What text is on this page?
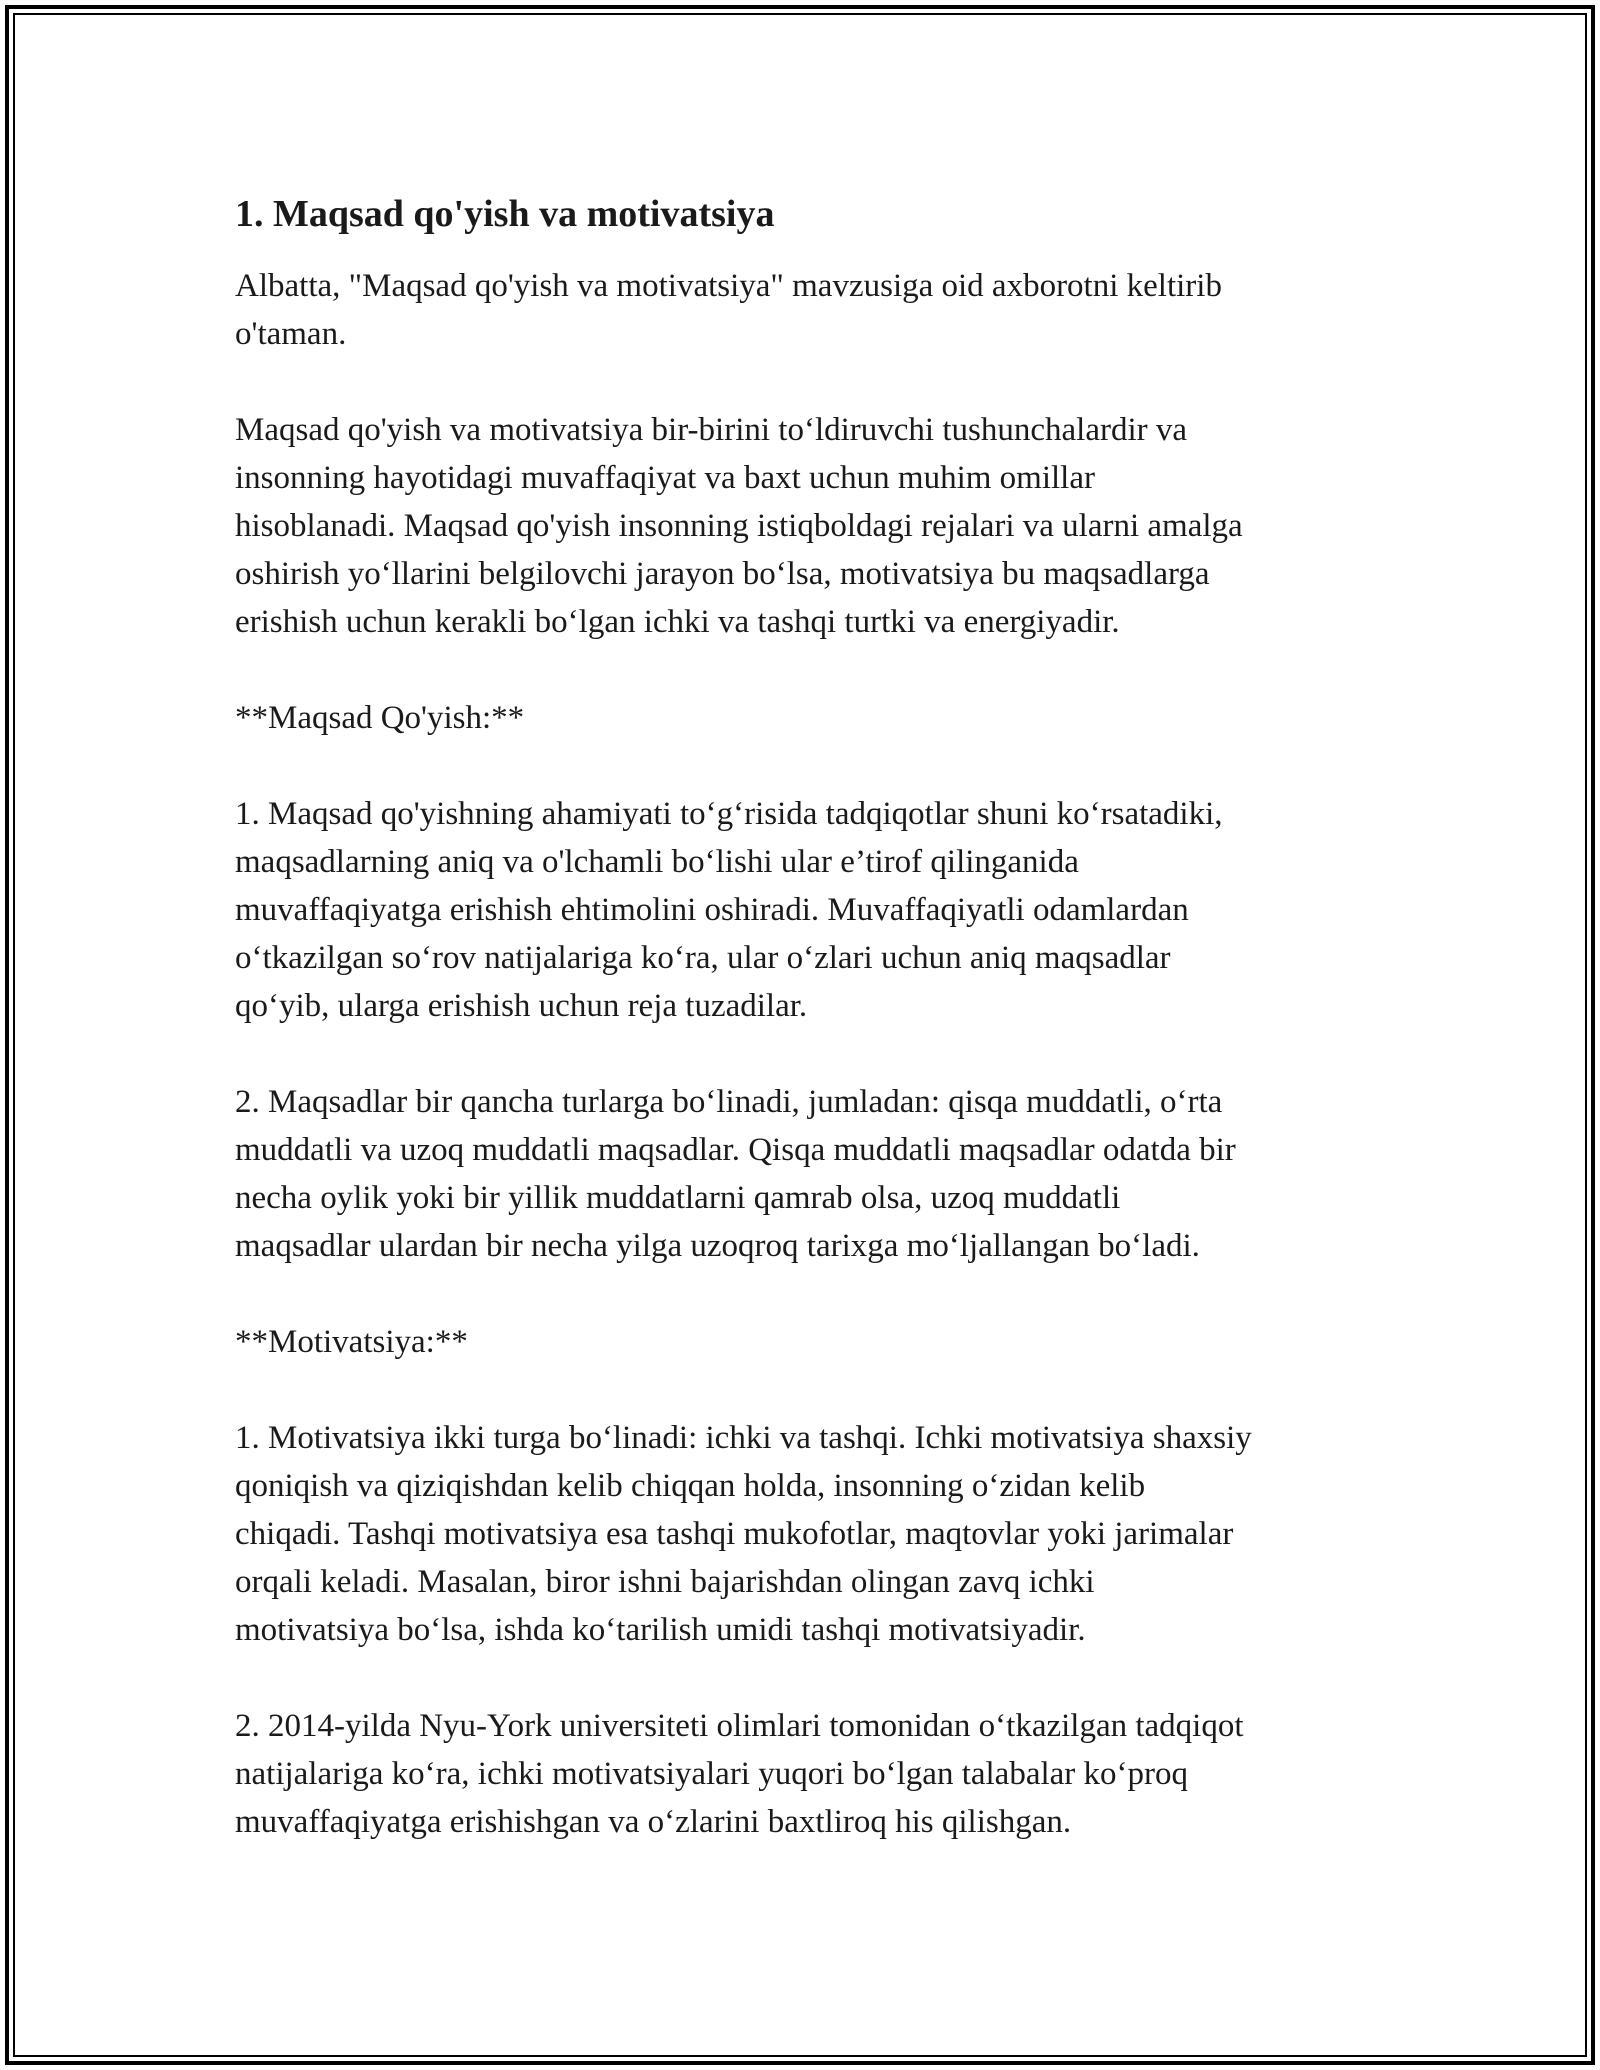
1. Maqsad qo'yish va motivatsiya

Albatta, "Maqsad qo'yish va motivatsiya" mavzusiga oid axborotni keltirib
o'taman.

Maqsad qo'yish va motivatsiya bir-birini to‘ldiruvchi tushunchalardir va
insonning hayotidagi muvaffaqiyat va baxt uchun muhim omillar
hisoblanadi. Maqsad qo'yish insonning istiqboldagi rejalari va ularni amalga
oshirish yo‘llarini belgilovchi jarayon bo‘lsa, motivatsiya bu maqsadlarga
erishish uchun kerakli bo‘lgan ichki va tashqi turtki va energiyadir.

**Maqsad Qo'yish:**

1. Maqsad qo'yishning ahamiyati to‘g‘risida tadqiqotlar shuni ko‘rsatadiki,
maqsadlarning aniq va o'lchamli bo‘lishi ular e’tirof qilinganida
muvaffaqiyatga erishish ehtimolini oshiradi. Muvaffaqiyatli odamlardan
o‘tkazilgan so‘rov natijalariga ko‘ra, ular o‘zlari uchun aniq maqsadlar
qo‘yib, ularga erishish uchun reja tuzadilar.

2. Maqsadlar bir qancha turlarga bo‘linadi, jumladan: qisqa muddatli, o‘rta
muddatli va uzoq muddatli maqsadlar. Qisqa muddatli maqsadlar odatda bir
necha oylik yoki bir yillik muddatlarni qamrab olsa, uzoq muddatli
maqsadlar ulardan bir necha yilga uzoqroq tarixga mo‘ljallangan bo‘ladi.

**Motivatsiya:**

1. Motivatsiya ikki turga bo‘linadi: ichki va tashqi. Ichki motivatsiya shaxsiy
qoniqish va qiziqishdan kelib chiqqan holda, insonning o‘zidan kelib
chiqadi. Tashqi motivatsiya esa tashqi mukofotlar, maqtovlar yoki jarimalar
orqali keladi. Masalan, biror ishni bajarishdan olingan zavq ichki
motivatsiya bo‘lsa, ishda ko‘tarilish umidi tashqi motivatsiyadir.

2. 2014-yilda Nyu-York universiteti olimlari tomonidan o‘tkazilgan tadqiqot
natijalariga ko‘ra, ichki motivatsiyalari yuqori bo‘lgan talabalar ko‘proq
muvaffaqiyatga erishishgan va o‘zlarini baxtliroq his qilishgan.
